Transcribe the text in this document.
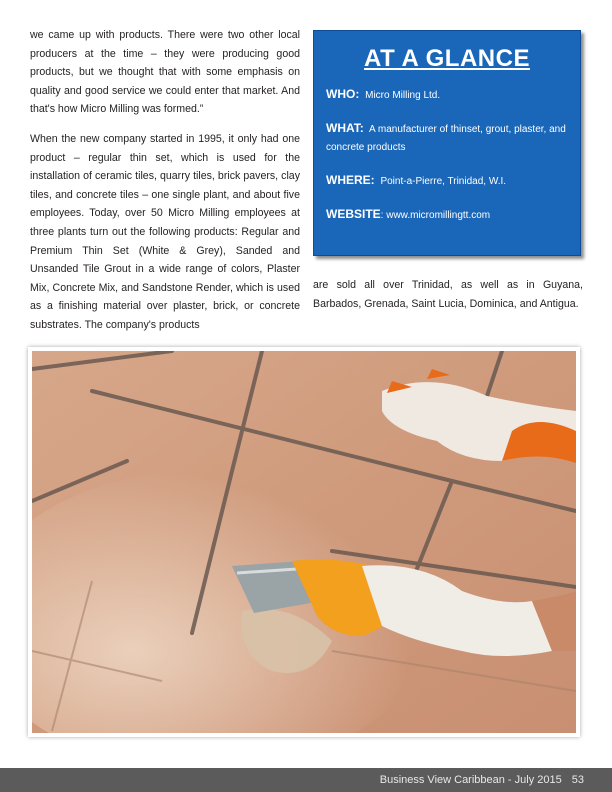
we came up with products. There were two other local producers at the time – they were producing good products, but we thought that with some emphasis on quality and good service we could enter that market. And that's how Micro Milling was formed.”

When the new company started in 1995, it only had one product – regular thin set, which is used for the installation of ceramic tiles, quarry tiles, brick pavers, clay tiles, and concrete tiles – one single plant, and about five employees. Today, over 50 Micro Milling employees at three plants turn out the following products: Regular and Premium Thin Set (White & Grey), Sanded and Unsanded Tile Grout in a wide range of colors, Plaster Mix, Concrete Mix, and Sandstone Render, which is used as a finishing material over plaster, brick, or concrete substrates. The company's products

AT A GLANCE
WHO: Micro Milling Ltd.
WHAT: A manufacturer of thinset, grout, plaster, and concrete products
WHERE: Point-a-Pierre, Trinidad, W.I.
WEBSITE: www.micromillingtt.com

are sold all over Trinidad, as well as in Guyana, Barbados, Grenada, Saint Lucia, Dominica, and Antigua.

Business View Caribbean - July 2015 53
